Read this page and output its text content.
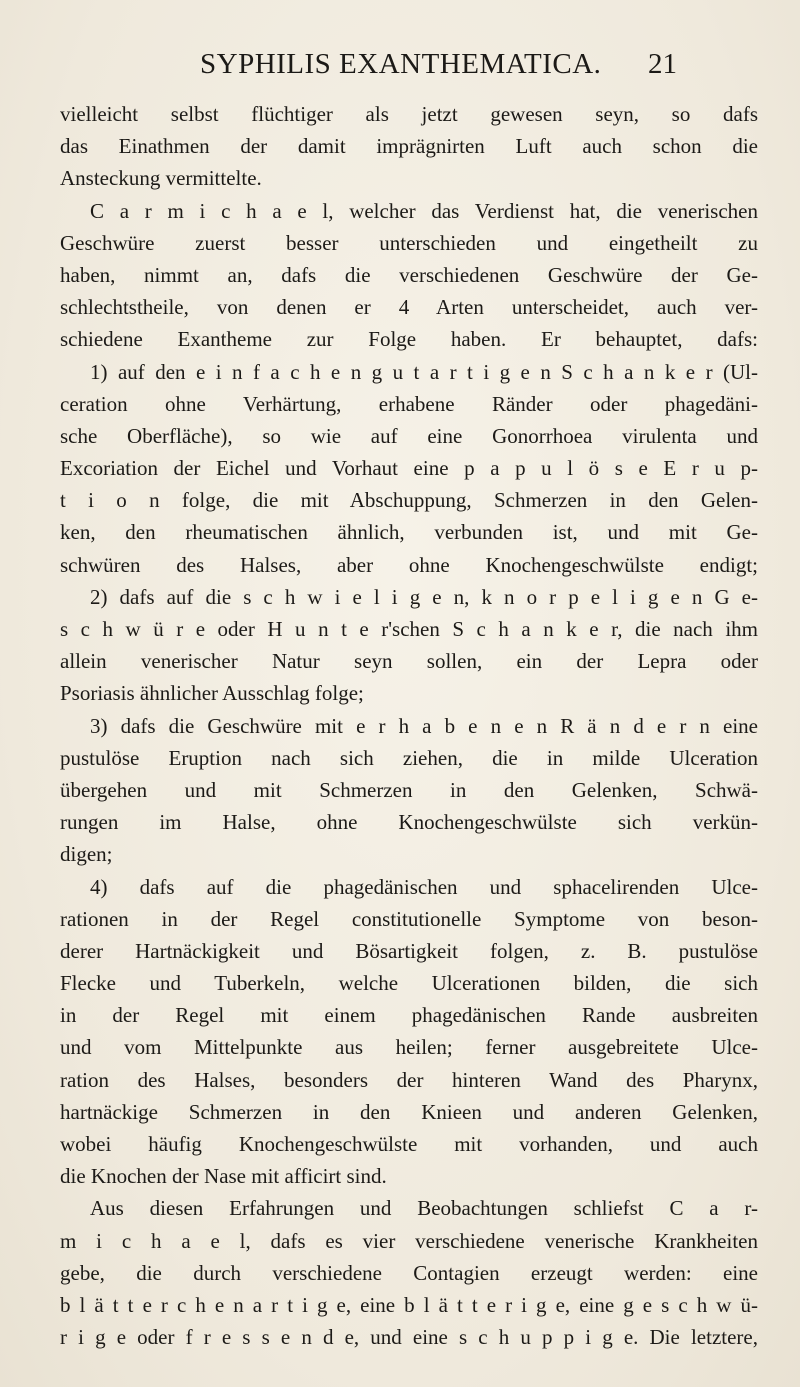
SYPHILIS EXANTHEMATICA. 21
vielleicht selbst flüchtiger als jetzt gewesen seyn, so dafs
das Einathmen der damit imprägnirten Luft auch schon die
Ansteckung vermittelte.
C a r m i c h a e l, welcher das Verdienst hat, die venerischen
Geschwüre zuerst besser unterschieden und eingetheilt zu
haben, nimmt an, dafs die verschiedenen Geschwüre der Ge-
schlechtstheile, von denen er 4 Arten unterscheidet, auch ver-
schiedene Exantheme zur Folge haben. Er behauptet, dafs:
1) auf den e i n f a c h e n g u t a r t i g e n S c h a n k e r (Ul-
ceration ohne Verhärtung, erhabene Ränder oder phagedäni-
sche Oberfläche), so wie auf eine Gonorrhoea virulenta und
Excoriation der Eichel und Vorhaut eine p a p u l ö s e E r u p-
t i o n folge, die mit Abschuppung, Schmerzen in den Gelen-
ken, den rheumatischen ähnlich, verbunden ist, und mit Ge-
schwüren des Halses, aber ohne Knochengeschwülste endigt;
2) dafs auf die s c h w i e l i g e n, k n o r p e l i g e n G e-
s c h w ü r e oder H u n t e r'schen S c h a n k e r, die nach ihm
allein venerischer Natur seyn sollen, ein der Lepra oder
Psoriasis ähnlicher Ausschlag folge;
3) dafs die Geschwüre mit e r h a b e n e n R ä n d e r n eine
pustulöse Eruption nach sich ziehen, die in milde Ulceration
übergehen und mit Schmerzen in den Gelenken, Schwä-
rungen im Halse, ohne Knochengeschwülste sich verkün-
digen;
4) dafs auf die phagedänischen und sphacelirenden Ulce-
rationen in der Regel constitutionelle Symptome von beson-
derer Hartnäckigkeit und Bösartigkeit folgen, z. B. pustulöse
Flecke und Tuberkeln, welche Ulcerationen bilden, die sich
in der Regel mit einem phagedänischen Rande ausbreiten
und vom Mittelpunkte aus heilen; ferner ausgebreitete Ulce-
ration des Halses, besonders der hinteren Wand des Pharynx,
hartnäckige Schmerzen in den Knieen und anderen Gelenken,
wobei häufig Knochengeschwülste mit vorhanden, und auch
die Knochen der Nase mit afficirt sind.
Aus diesen Erfahrungen und Beobachtungen schliefst C a r-
m i c h a e l, dafs es vier verschiedene venerische Krankheiten
gebe, die durch verschiedene Contagien erzeugt werden: eine
b l ä t t e r c h e n a r t i g e, eine b l ä t t e r i g e, eine g e s c h w ü-
r i g e oder f r e s s e n d e, und eine s c h u p p i g e. Die letztere,
